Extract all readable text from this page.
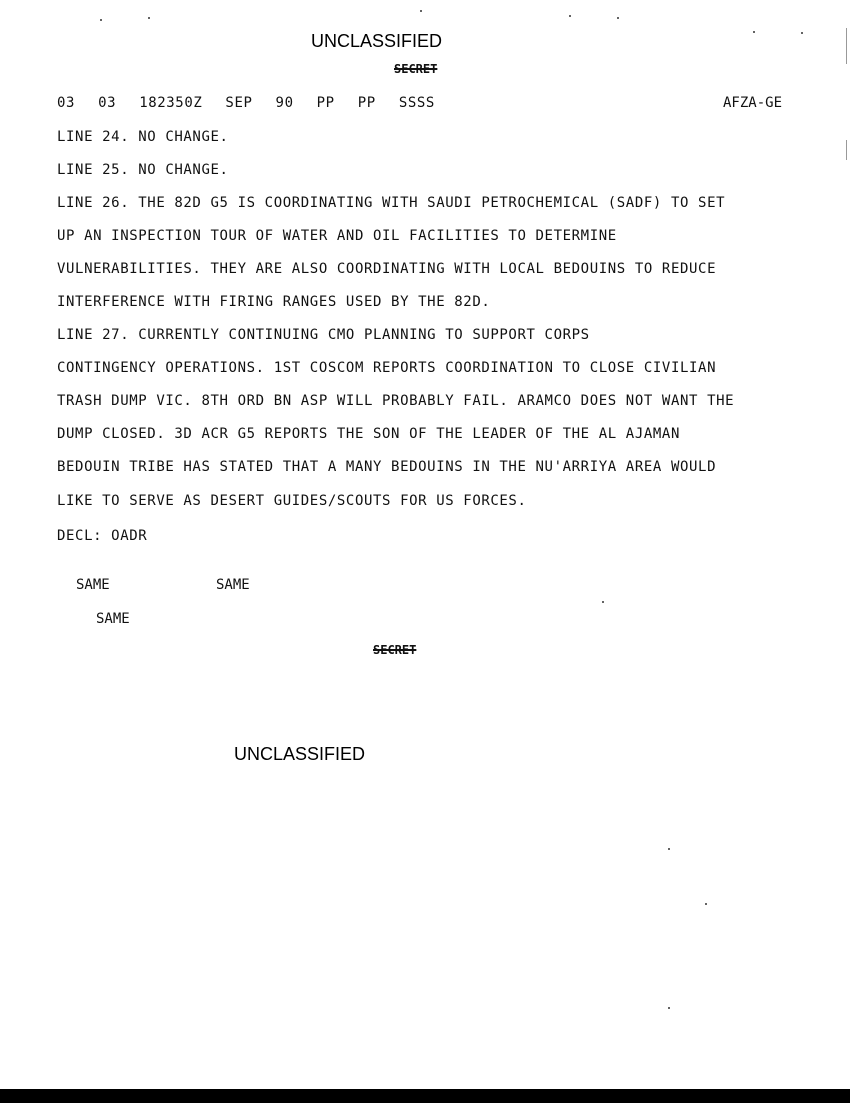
UNCLASSIFIED
SECRET
03 03 182350Z SEP 90 PP PP SSSS	AFZA-GE
LINE 24. NO CHANGE.
LINE 25. NO CHANGE.
LINE 26. THE 82D G5 IS COORDINATING WITH SAUDI PETROCHEMICAL (SADF) TO SET
UP AN INSPECTION TOUR OF WATER AND OIL FACILITIES TO DETERMINE
VULNERABILITIES. THEY ARE ALSO COORDINATING WITH LOCAL BEDOUINS TO REDUCE
INTERFERENCE WITH FIRING RANGES USED BY THE 82D.
LINE 27. CURRENTLY CONTINUING CMO PLANNING TO SUPPORT CORPS
CONTINGENCY OPERATIONS. 1ST COSCOM REPORTS COORDINATION TO CLOSE CIVILIAN
TRASH DUMP VIC. 8TH ORD BN ASP WILL PROBABLY FAIL. ARAMCO DOES NOT WANT THE
DUMP CLOSED. 3D ACR G5 REPORTS THE SON OF THE LEADER OF THE AL AJAMAN
BEDOUIN TRIBE HAS STATED THAT A MANY BEDOUINS IN THE NU'ARRIYA AREA WOULD
LIKE TO SERVE AS DESERT GUIDES/SCOUTS FOR US FORCES.
DECL: OADR
SAME	SAME
SAME
SECRET
UNCLASSIFIED
